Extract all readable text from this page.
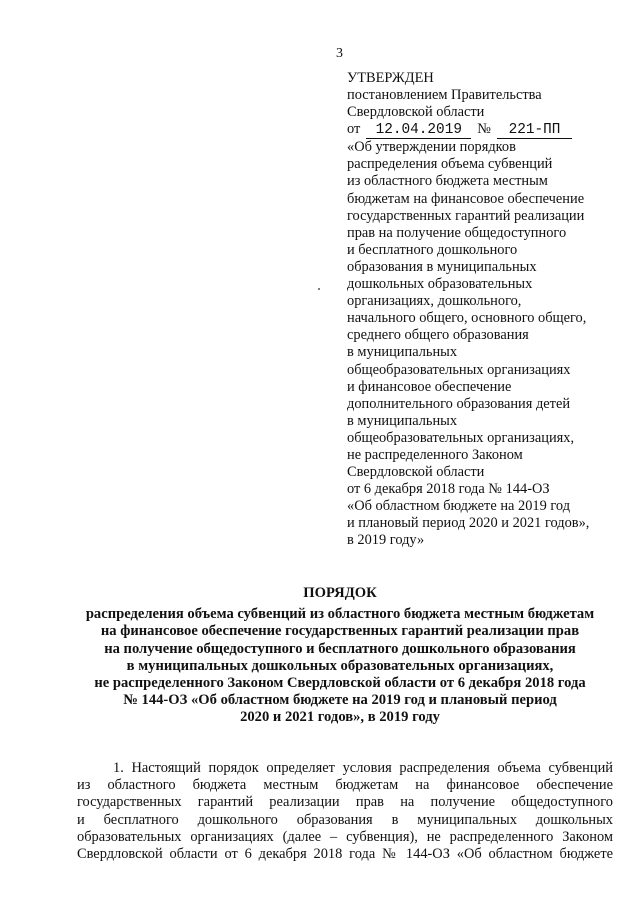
3
УТВЕРЖДЕН
постановлением Правительства
Свердловской области
от 12.04.2019 № 221-ПП
«Об утверждении порядков
распределения объема субвенций
из областного бюджета местным
бюджетам на финансовое обеспечение
государственных гарантий реализации
прав на получение общедоступного
и бесплатного дошкольного
образования в муниципальных
дошкольных образовательных
организациях, дошкольного,
начального общего, основного общего,
среднего общего образования
в муниципальных
общеобразовательных организациях
и финансовое обеспечение
дополнительного образования детей
в муниципальных
общеобразовательных организациях,
не распределенного Законом
Свердловской области
от 6 декабря 2018 года № 144-ОЗ
«Об областном бюджете на 2019 год
и плановый период 2020 и 2021 годов»,
в 2019 году»
ПОРЯДОК
распределения объема субвенций из областного бюджета местным бюджетам
на финансовое обеспечение государственных гарантий реализации прав
на получение общедоступного и бесплатного дошкольного образования
в муниципальных дошкольных образовательных организациях,
не распределенного Законом Свердловской области от 6 декабря 2018 года
№ 144-ОЗ «Об областном бюджете на 2019 год и плановый период
2020 и 2021 годов», в 2019 году
1. Настоящий порядок определяет условия распределения объема субвенций
из областного бюджета местным бюджетам на финансовое обеспечение
государственных гарантий реализации прав на получение общедоступного
и бесплатного дошкольного образования в муниципальных дошкольных
образовательных организациях (далее – субвенция), не распределенного Законом
Свердловской области от 6 декабря 2018 года № 144-ОЗ «Об областном бюджете
